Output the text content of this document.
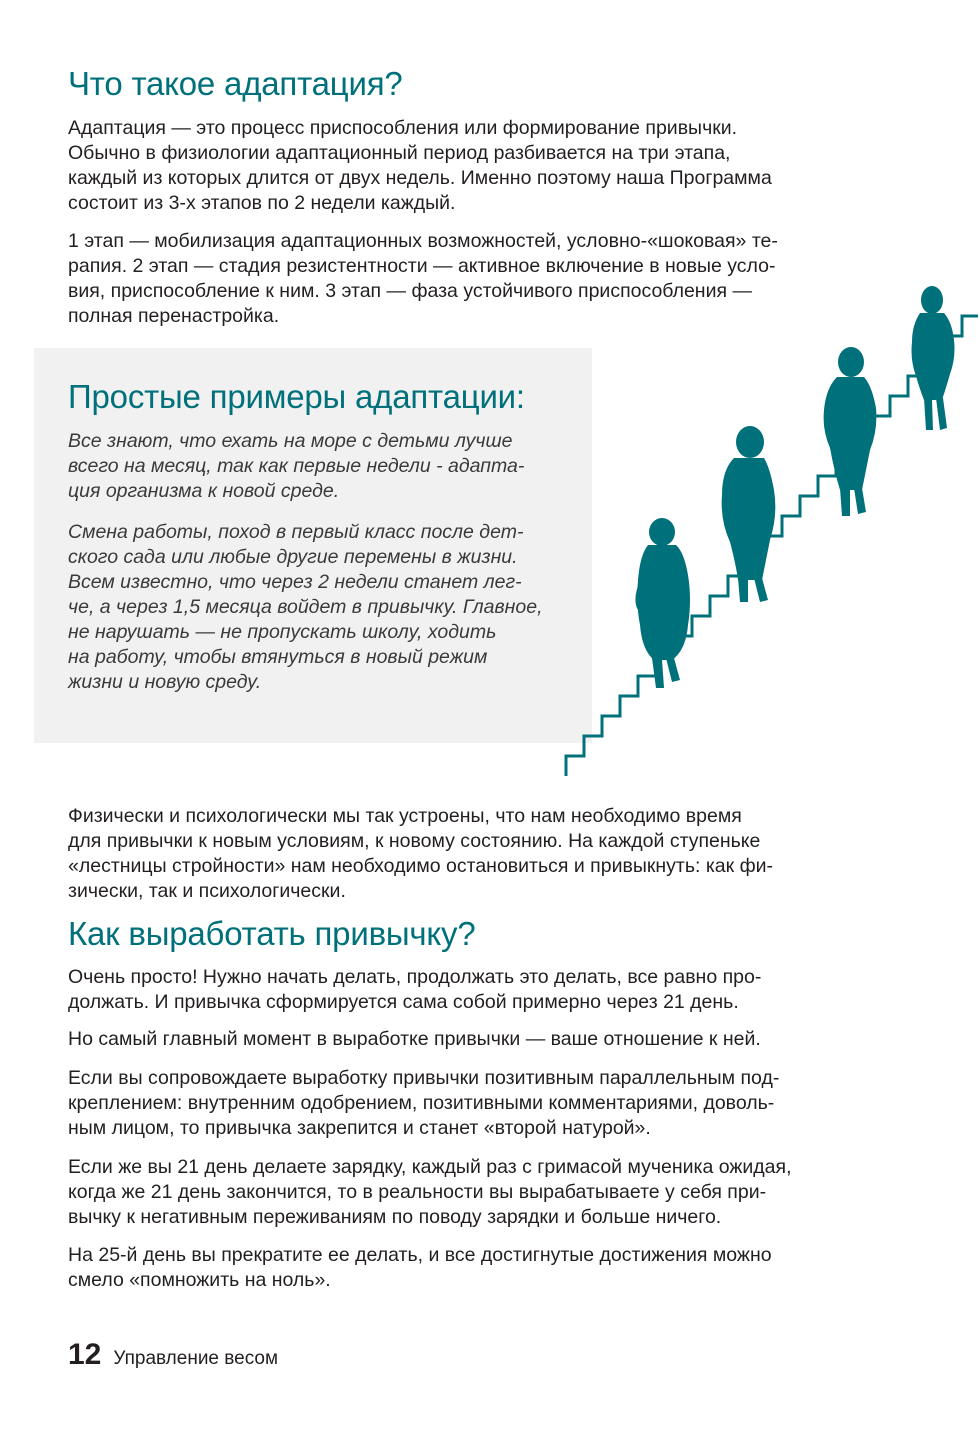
Что такое адаптация?

Адаптация — это процесс приспособления или формирование привычки.
Обычно в физиологии адаптационный период разбивается на три этапа,
каждый из которых длится от двух недель. Именно поэтому наша Программа
состоит из 3-х этапов по 2 недели каждый.

1 этап — мобилизация адаптационных возможностей, условно-«шоковая» те-
рапия. 2 этап — стадия резистентности — активное включение в новые усло-
вия, приспособление к ним. 3 этап — фаза устойчивого приспособления —
полная перенастройка.

Простые примеры адаптации:

Все знают, что ехать на море с детьми лучше
всего на месяц, так как первые недели - адапта-
ция организма к новой среде.

Смена работы, поход в первый класс после дет-
ского сада или любые другие перемены в жизни.
Всем известно, что через 2 недели станет лег-
че, а через 1,5 месяца войдет в привычку. Главное,
не нарушать — не пропускать школу, ходить
на работу, чтобы втянуться в новый режим
жизни и новую среду.

Физически и психологически мы так устроены, что нам необходимо время
для привычки к новым условиям, к новому состоянию. На каждой ступеньке
«лестницы стройности» нам необходимо остановиться и привыкнуть: как фи-
зически, так и психологически.

Как выработать привычку?

Очень просто! Нужно начать делать, продолжать это делать, все равно про-
должать. И привычка сформируется сама собой примерно через 21 день.

Но самый главный момент в выработке привычки — ваше отношение к ней.

Если вы сопровождаете выработку привычки позитивным параллельным под-
креплением: внутренним одобрением, позитивными комментариями, доволь-
ным лицом, то привычка закрепится и станет «второй натурой».

Если же вы 21 день делаете зарядку, каждый раз с гримасой мученика ожидая,
когда же 21 день закончится, то в реальности вы вырабатываете у себя при-
вычку к негативным переживаниям по поводу зарядки и больше ничего.

На 25-й день вы прекратите ее делать, и все достигнутые достижения можно
смело «помножить на ноль».

12 Управление весом
